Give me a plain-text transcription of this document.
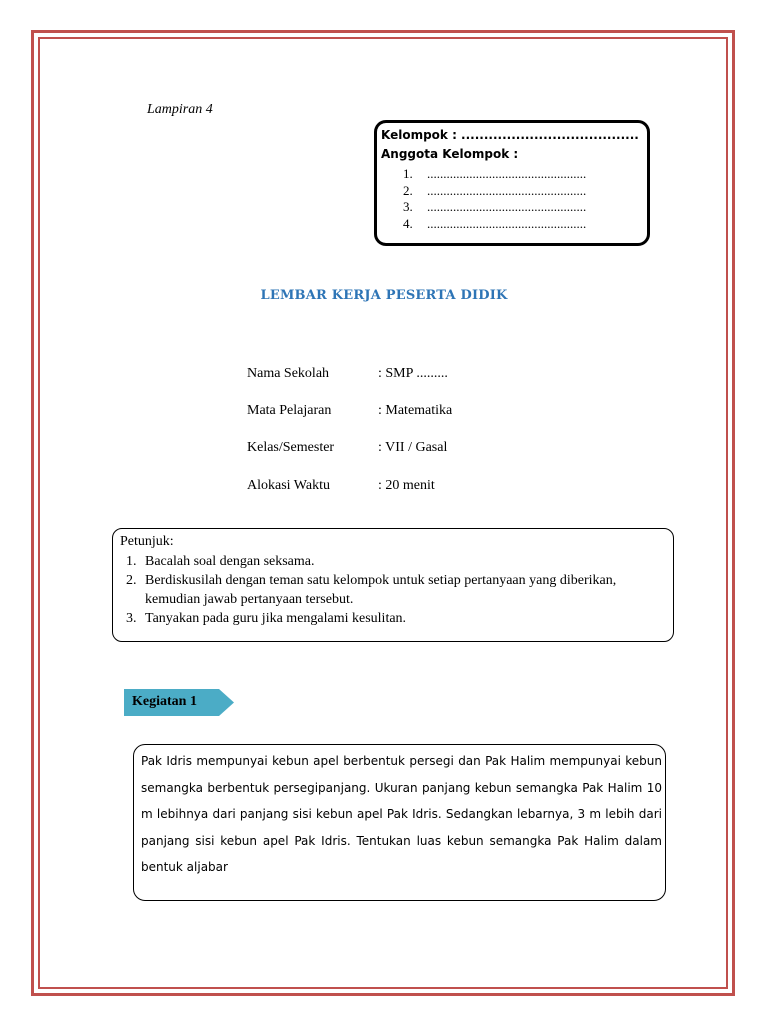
Lampiran 4
Kelompok : .......................................
Anggota Kelompok :
1. .................................................
2. .................................................
3. .................................................
4. .................................................
LEMBAR KERJA PESERTA DIDIK
Nama Sekolah	: SMP .........
Mata Pelajaran	: Matematika
Kelas/Semester	: VII / Gasal
Alokasi Waktu	: 20 menit
Petunjuk:
1. Bacalah soal dengan seksama.
2. Berdiskusilah dengan teman satu kelompok untuk setiap pertanyaan yang diberikan,
kemudian jawab pertanyaan tersebut.
3. Tanyakan pada guru jika mengalami kesulitan.
Kegiatan 1

Pak Idris mempunyai kebun apel berbentuk persegi dan Pak Halim mempunyai kebun semangka berbentuk persegipanjang. Ukuran panjang kebun semangka Pak Halim 10 m lebihnya dari panjang sisi kebun apel Pak Idris. Sedangkan lebarnya, 3 m lebih dari panjang sisi kebun apel Pak Idris. Tentukan luas kebun semangka Pak Halim dalam bentuk aljabar
